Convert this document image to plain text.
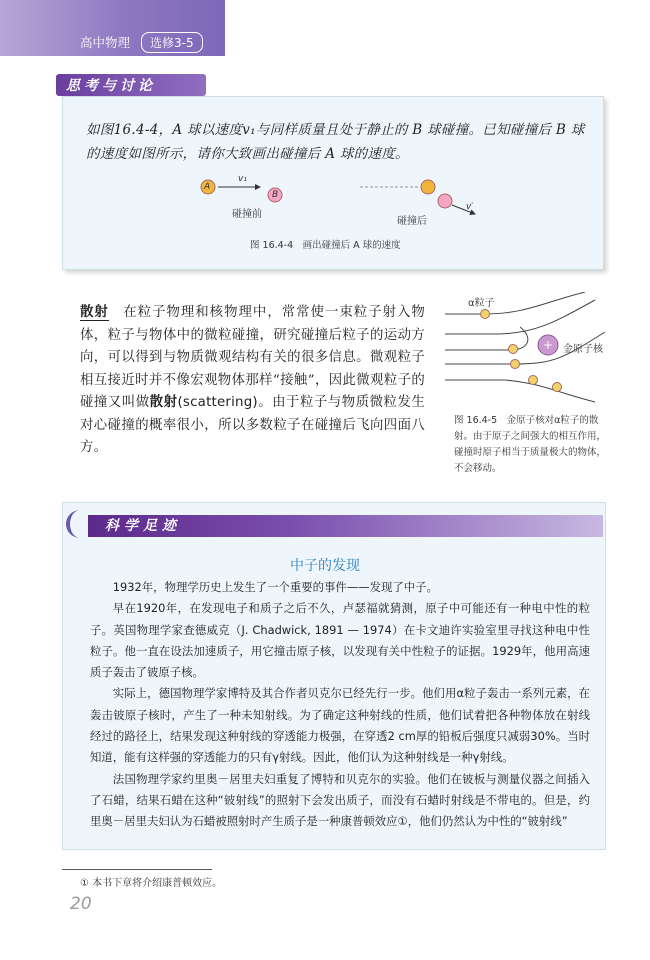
高中物理 选修3-5
思考与讨论
如图16.4-4，A 球以速度v₁与同样质量且处于静止的 B 球碰撞。已知碰撞后 B 球的速度如图所示，请你大致画出碰撞后 A 球的速度。
A
B
v₁
碰撞前
v′
碰撞后
图 16.4-4　画出碰撞后 A 球的速度
散射　在粒子物理和核物理中，常常使一束粒子射入物体，粒子与物体中的微粒碰撞，研究碰撞后粒子的运动方向，可以得到与物质微观结构有关的很多信息。微观粒子相互接近时并不像宏观物体那样“接触”，因此微观粒子的碰撞又叫做散射(scattering)。由于粒子与物质微粒发生对心碰撞的概率很小，所以多数粒子在碰撞后飞向四面八方。
+
α粒子
金原子核
图 16.4-5　金原子核对α粒子的散射。由于原子之间强大的相互作用，碰撞时原子相当于质量极大的物体，不会移动。
科学足迹
中子的发现

1932年，物理学历史上发生了一个重要的事件——发现了中子。

早在1920年，在发现电子和质子之后不久，卢瑟福就猜测，原子中可能还有一种电中性的粒子。英国物理学家查德威克（J. Chadwick, 1891 — 1974）在卡文迪许实验室里寻找这种电中性粒子。他一直在设法加速质子，用它撞击原子核，以发现有关中性粒子的证据。1929年，他用高速质子轰击了铍原子核。

实际上，德国物理学家博特及其合作者贝克尔已经先行一步。他们用α粒子轰击一系列元素，在轰击铍原子核时，产生了一种未知射线。为了确定这种射线的性质，他们试着把各种物体放在射线经过的路径上，结果发现这种射线的穿透能力极强，在穿透2 cm厚的铅板后强度只减弱30%。当时知道，能有这样强的穿透能力的只有γ射线。因此，他们认为这种射线是一种γ射线。

法国物理学家约里奥－居里夫妇重复了博特和贝克尔的实验。他们在铍板与测量仪器之间插入了石蜡，结果石蜡在这种“铍射线”的照射下会发出质子，而没有石蜡时射线是不带电的。但是，约里奥－居里夫妇认为石蜡被照射时产生质子是一种康普顿效应①，他们仍然认为中性的“铍射线”

① 本书下章将介绍康普顿效应。
20
